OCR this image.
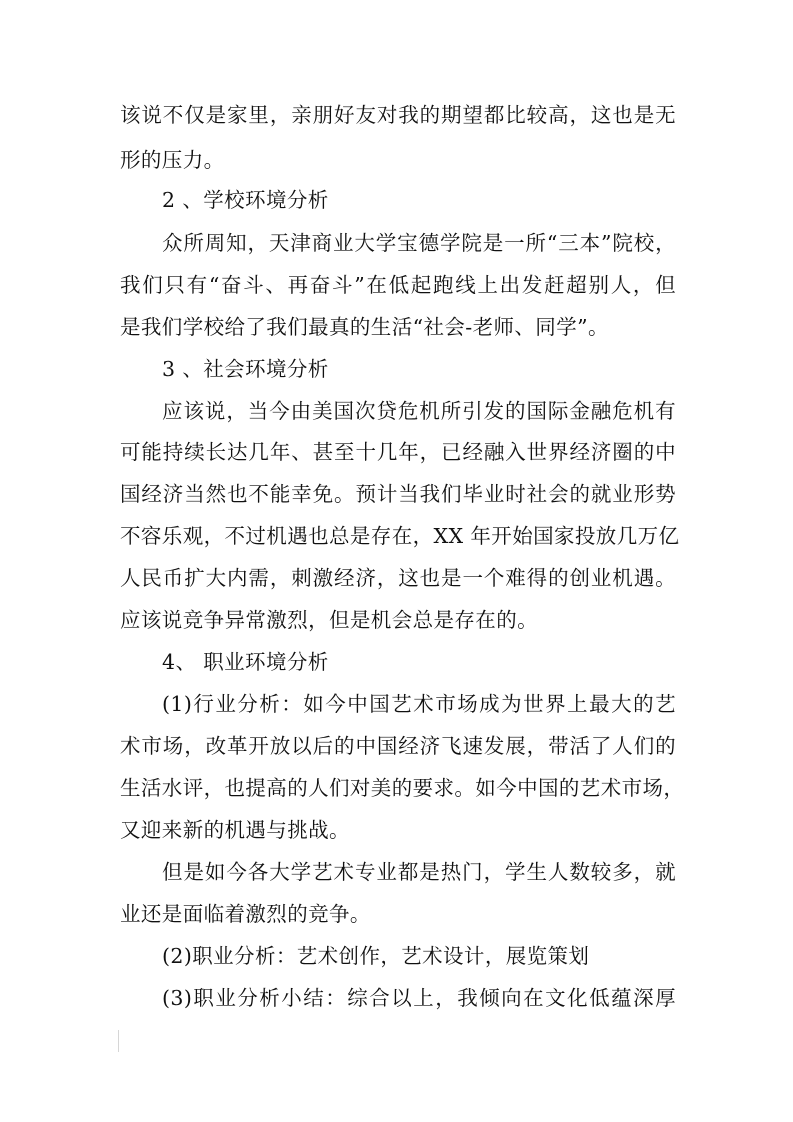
该说不仅是家里，亲朋好友对我的期望都比较高，这也是无
形的压力。
2 、学校环境分析
众所周知，天津商业大学宝德学院是一所“三本”院校，
我们只有“奋斗、再奋斗”在低起跑线上出发赶超别人，但
是我们学校给了我们最真的生活“社会-老师、同学”。
3 、社会环境分析
应该说，当今由美国次贷危机所引发的国际金融危机有
可能持续长达几年、甚至十几年，已经融入世界经济圈的中
国经济当然也不能幸免。预计当我们毕业时社会的就业形势
不容乐观，不过机遇也总是存在，XX 年开始国家投放几万亿
人民币扩大内需，刺激经济，这也是一个难得的创业机遇。
应该说竞争异常激烈，但是机会总是存在的。
4、 职业环境分析
(1)行业分析：如今中国艺术市场成为世界上最大的艺
术市场，改革开放以后的中国经济飞速发展，带活了人们的
生活水评，也提高的人们对美的要求。如今中国的艺术市场，
又迎来新的机遇与挑战。
但是如今各大学艺术专业都是热门，学生人数较多，就
业还是面临着激烈的竞争。
(2)职业分析：艺术创作，艺术设计，展览策划
(3)职业分析小结：综合以上，我倾向在文化低蕴深厚
